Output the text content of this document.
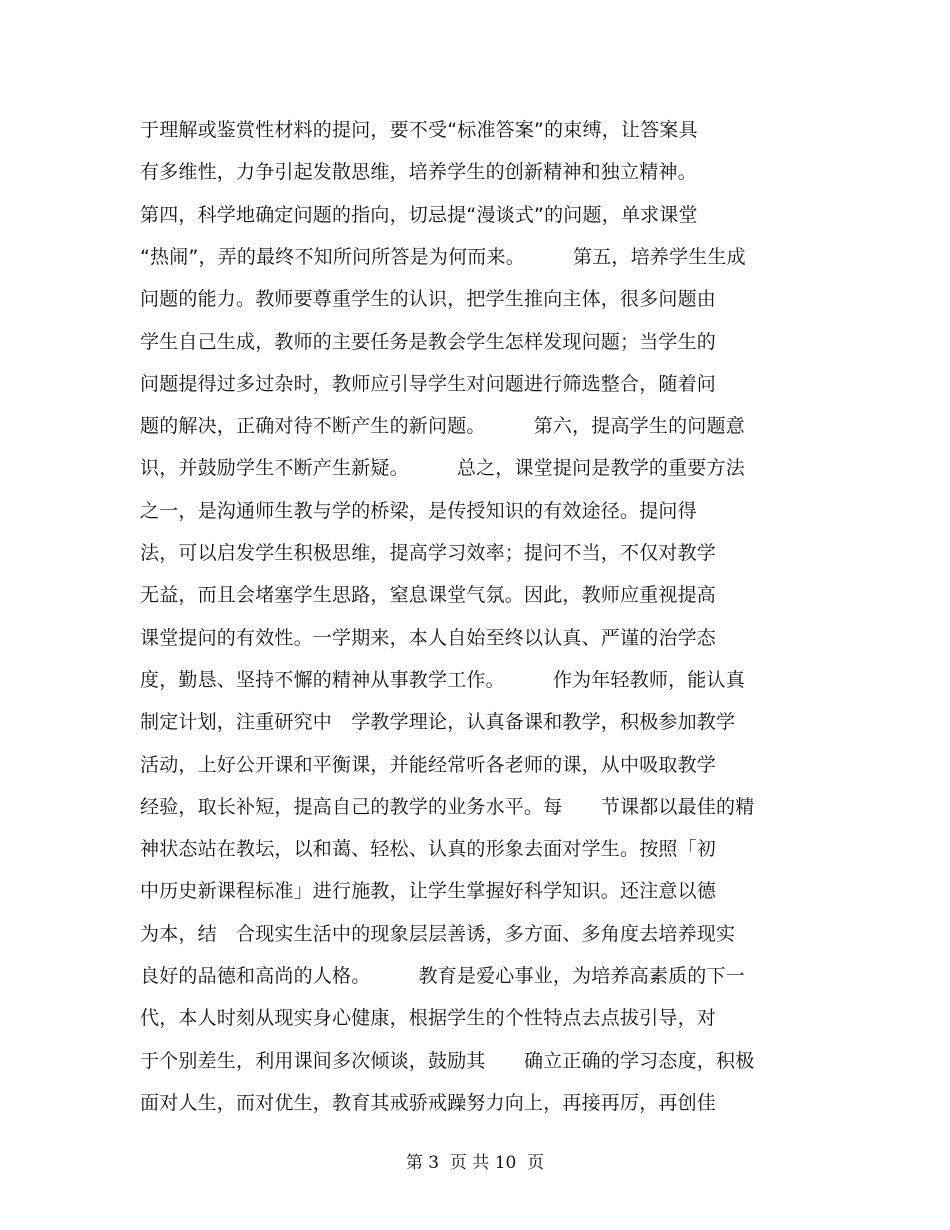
于理解或鉴赏性材料的提问，要不受“标准答案”的束缚，让答案具
有多维性，力争引起发散思维，培养学生的创新精神和独立精神。
第四，科学地确定问题的指向，切忌提“漫谈式”的问题，单求课堂
“热闹”，弄的最终不知所问所答是为何而来。　　　第五，培养学生生成
问题的能力。教师要尊重学生的认识，把学生推向主体，很多问题由
学生自己生成，教师的主要任务是教会学生怎样发现问题；当学生的
问题提得过多过杂时，教师应引导学生对问题进行筛选整合，随着问
题的解决，正确对待不断产生的新问题。　　　第六，提高学生的问题意
识，并鼓励学生不断产生新疑。　　　总之，课堂提问是教学的重要方法
之一，是沟通师生教与学的桥梁，是传授知识的有效途径。提问得
法，可以启发学生积极思维，提高学习效率；提问不当，不仅对教学
无益，而且会堵塞学生思路，窒息课堂气氛。因此，教师应重视提高
课堂提问的有效性。一学期来，本人自始至终以认真、严谨的治学态
度，勤恳、坚持不懈的精神从事教学工作。　　　作为年轻教师，能认真
制定计划，注重研究中　学教学理论，认真备课和教学，积极参加教学
活动，上好公开课和平衡课，并能经常听各老师的课，从中吸取教学
经验，取长补短，提高自己的教学的业务水平。每　　节课都以最佳的精
神状态站在教坛，以和蔼、轻松、认真的形象去面对学生。按照「初
中历史新课程标准」进行施教，让学生掌握好科学知识。还注意以德
为本，结　合现实生活中的现象层层善诱，多方面、多角度去培养现实
良好的品德和高尚的人格。　　　教育是爱心事业，为培养高素质的下一
代，本人时刻从现实身心健康，根据学生的个性特点去点拔引导，对
于个别差生，利用课间多次倾谈，鼓励其　　确立正确的学习态度，积极
面对人生，而对优生，教育其戒骄戒躁努力向上，再接再厉，再创佳
第 3  页 共 10  页
